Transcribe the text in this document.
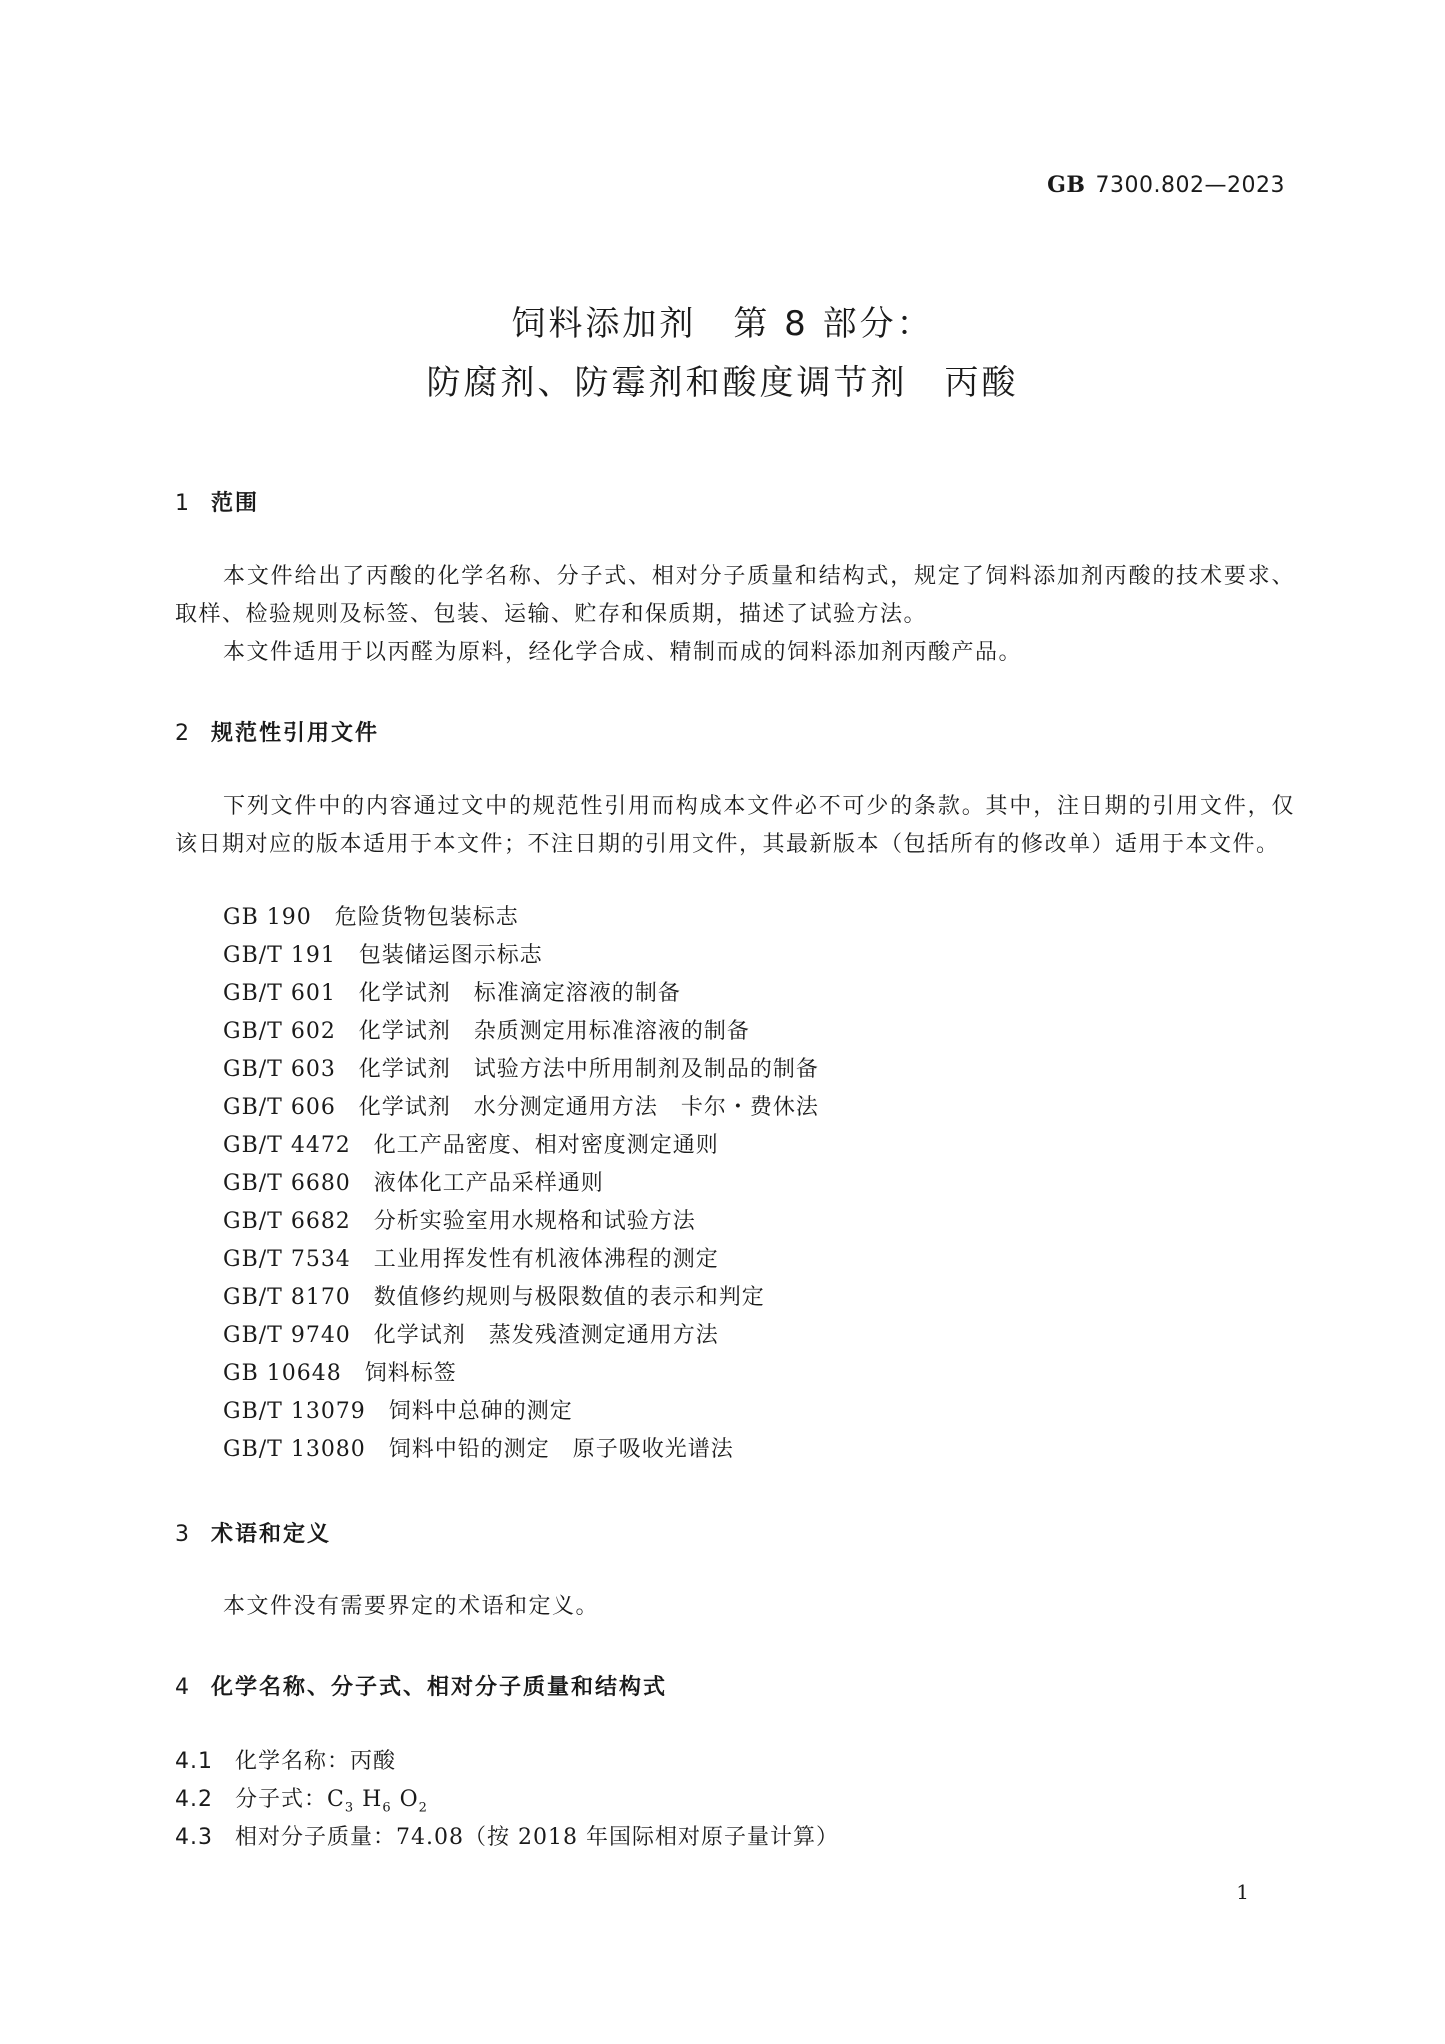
GB 7300.802—2023
饲料添加剂　第 8 部分：
防腐剂、防霉剂和酸度调节剂　丙酸
1 范围

本文件给出了丙酸的化学名称、分子式、相对分子质量和结构式，规定了饲料添加剂丙酸的技术要求、取样、检验规则及标签、包装、运输、贮存和保质期，描述了试验方法。

本文件适用于以丙醛为原料，经化学合成、精制而成的饲料添加剂丙酸产品。

2 规范性引用文件

下列文件中的内容通过文中的规范性引用而构成本文件必不可少的条款。其中，注日期的引用文件，仅该日期对应的版本适用于本文件；不注日期的引用文件，其最新版本（包括所有的修改单）适用于本文件。

GB 190　危险货物包装标志
GB/T 191　包装储运图示标志
GB/T 601　化学试剂　标准滴定溶液的制备
GB/T 602　化学试剂　杂质测定用标准溶液的制备
GB/T 603　化学试剂　试验方法中所用制剂及制品的制备
GB/T 606　化学试剂　水分测定通用方法　卡尔・费休法
GB/T 4472　化工产品密度、相对密度测定通则
GB/T 6680　液体化工产品采样通则
GB/T 6682　分析实验室用水规格和试验方法
GB/T 7534　工业用挥发性有机液体沸程的测定
GB/T 8170　数值修约规则与极限数值的表示和判定
GB/T 9740　化学试剂　蒸发残渣测定通用方法
GB 10648　饲料标签
GB/T 13079　饲料中总砷的测定
GB/T 13080　饲料中铅的测定　原子吸收光谱法
3 术语和定义

本文件没有需要界定的术语和定义。

4 化学名称、分子式、相对分子质量和结构式
4.1 化学名称：丙酸
4.2 分子式：$C_3$ $H_6$ $O_2$
4.3 相对分子质量：74.08（按 2018 年国际相对原子量计算）
1
